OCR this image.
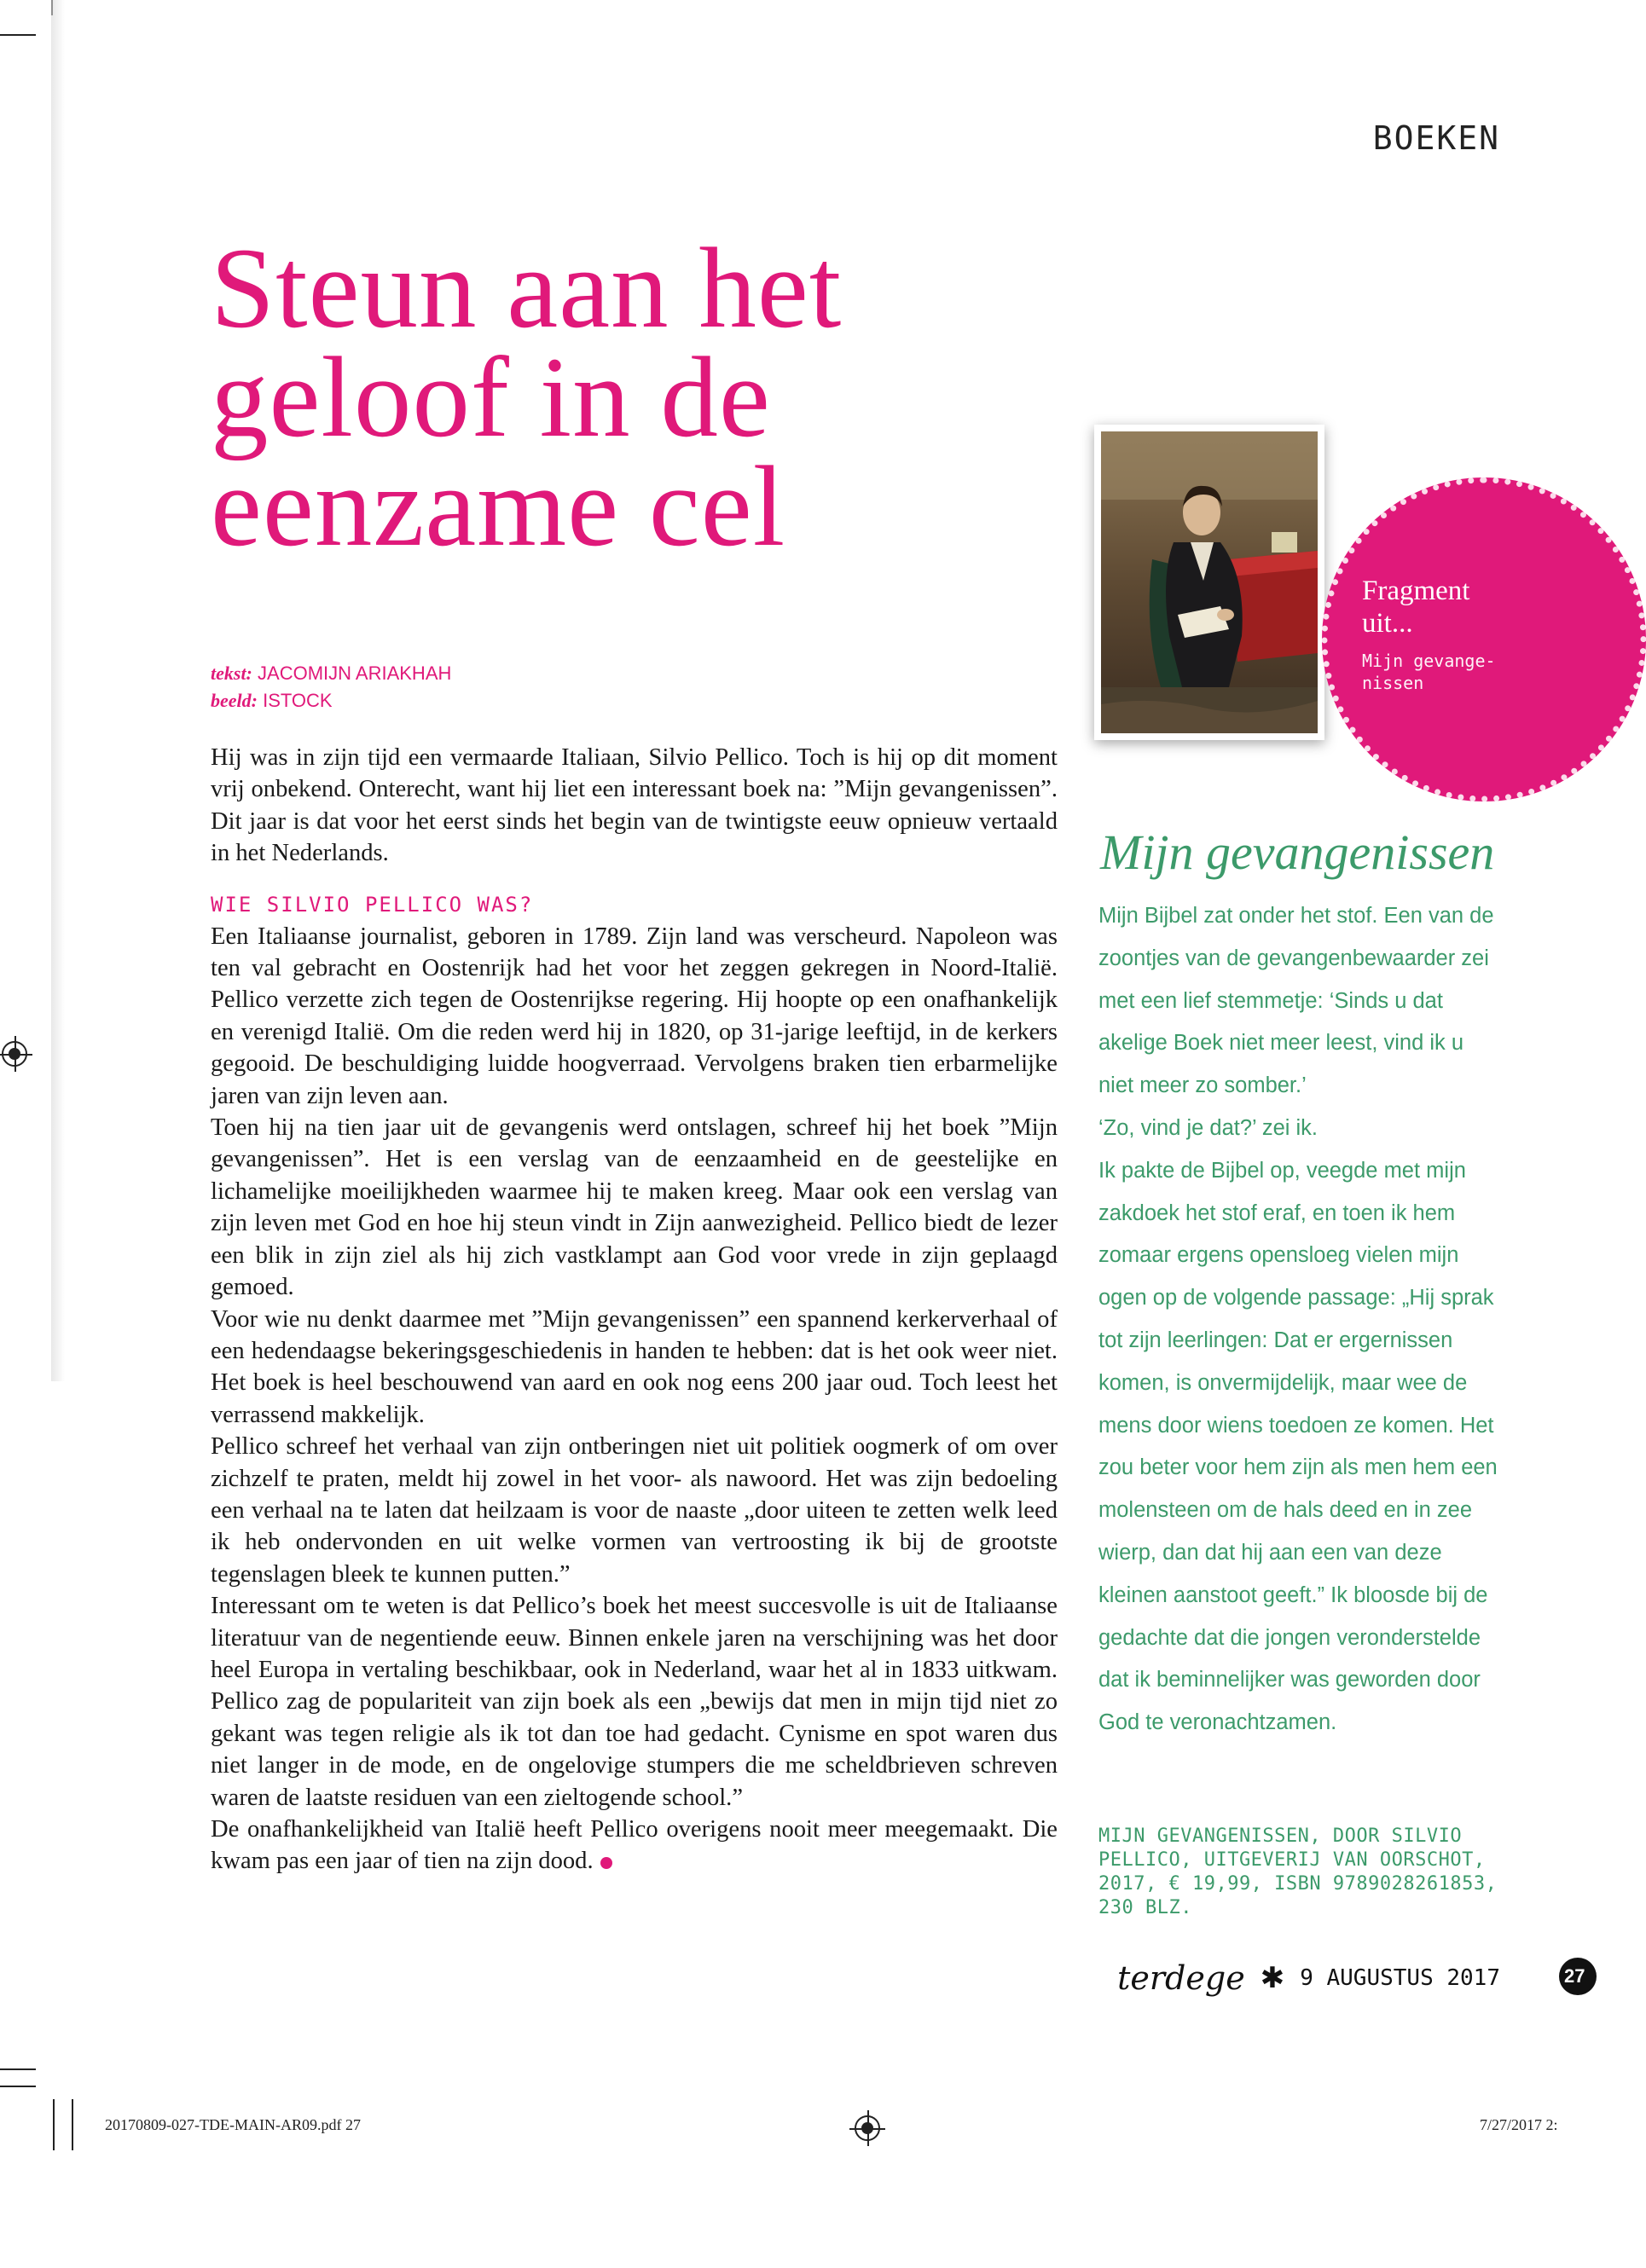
BOEKEN
Steun aan het
geloof in de
eenzame cel
tekst: JACOMIJN ARIAKHAH
beeld: ISTOCK

Hij was in zijn tijd een vermaarde Italiaan, Silvio Pellico. Toch is hij op dit moment vrij onbekend. Onterecht, want hij liet een interessant boek na: ”Mijn gevangenissen”. Dit jaar is dat voor het eerst sinds het begin van de twintigste eeuw opnieuw vertaald in het Nederlands.

WIE SILVIO PELLICO WAS?

Een Italiaanse journalist, geboren in 1789. Zijn land was verscheurd. Napoleon was ten val gebracht en Oostenrijk had het voor het zeggen gekregen in Noord-Italië. Pellico verzette zich tegen de Oostenrijkse regering. Hij hoopte op een onafhankelijk en verenigd Italië. Om die reden werd hij in 1820, op 31-jarige leeftijd, in de kerkers gegooid. De beschuldiging luidde hoogverraad. Vervolgens braken tien erbarmelijke jaren van zijn leven aan.

Toen hij na tien jaar uit de gevangenis werd ontslagen, schreef hij het boek ”Mijn gevangenissen”. Het is een verslag van de eenzaamheid en de geestelijke en lichamelijke moeilijkheden waarmee hij te maken kreeg. Maar ook een verslag van zijn leven met God en hoe hij steun vindt in Zijn aanwezigheid. Pellico biedt de lezer een blik in zijn ziel als hij zich vastklampt aan God voor vrede in zijn geplaagd gemoed.

Voor wie nu denkt daarmee met ”Mijn gevangenissen” een spannend kerkerverhaal of een hedendaagse bekeringsgeschiedenis in handen te hebben: dat is het ook weer niet. Het boek is heel beschouwend van aard en ook nog eens 200 jaar oud. Toch leest het verrassend makkelijk.

Pellico schreef het verhaal van zijn ontberingen niet uit politiek oogmerk of om over zichzelf te praten, meldt hij zowel in het voor- als nawoord. Het was zijn bedoeling een verhaal na te laten dat heilzaam is voor de naaste „door uiteen te zetten welk leed ik heb ondervonden en uit welke vormen van vertroosting ik bij de grootste tegenslagen bleek te kunnen putten.”

Interessant om te weten is dat Pellico’s boek het meest succesvolle is uit de Italiaanse literatuur van de negentiende eeuw. Binnen enkele jaren na verschijning was het door heel Europa in vertaling beschikbaar, ook in Nederland, waar het al in 1833 uitkwam. Pellico zag de populariteit van zijn boek als een „bewijs dat men in mijn tijd niet zo gekant was tegen religie als ik tot dan toe had gedacht. Cynisme en spot waren dus niet langer in de mode, en de ongelovige stumpers die me scheldbrieven schreven waren de laatste residuen van een zieltogende school.”

De onafhankelijkheid van Italië heeft Pellico overigens nooit meer meegemaakt. Die kwam pas een jaar of tien na zijn dood.

Fragment
uit...
Mijn gevange-
nissen
Mijn gevangenissen

Mijn Bijbel zat onder het stof. Een van de zoontjes van de gevangenbewaarder zei met een lief stemmetje: ‘Sinds u dat akelige Boek niet meer leest, vind ik u niet meer zo somber.’

‘Zo, vind je dat?’ zei ik.

Ik pakte de Bijbel op, veegde met mijn zakdoek het stof eraf, en toen ik hem zomaar ergens opensloeg vielen mijn ogen op de volgende passage: „Hij sprak tot zijn leerlingen: Dat er ergernissen komen, is onvermijdelijk, maar wee de mens door wiens toedoen ze komen. Het zou beter voor hem zijn als men hem een molensteen om de hals deed en in zee wierp, dan dat hij aan een van deze kleinen aanstoot geeft.” Ik bloosde bij de gedachte dat die jongen veronderstelde dat ik beminnelijker was geworden door God te veronachtzamen.

MIJN GEVANGENISSEN, DOOR SILVIO PELLICO, UITGEVERIJ VAN OORSCHOT, 2017, € 19,99, ISBN 9789028261853, 230 BLZ.
terdege ✱ 9 AUGUSTUS 2017	27
20170809-027-TDE-MAIN-AR09.pdf 27	7/27/2017 2:
